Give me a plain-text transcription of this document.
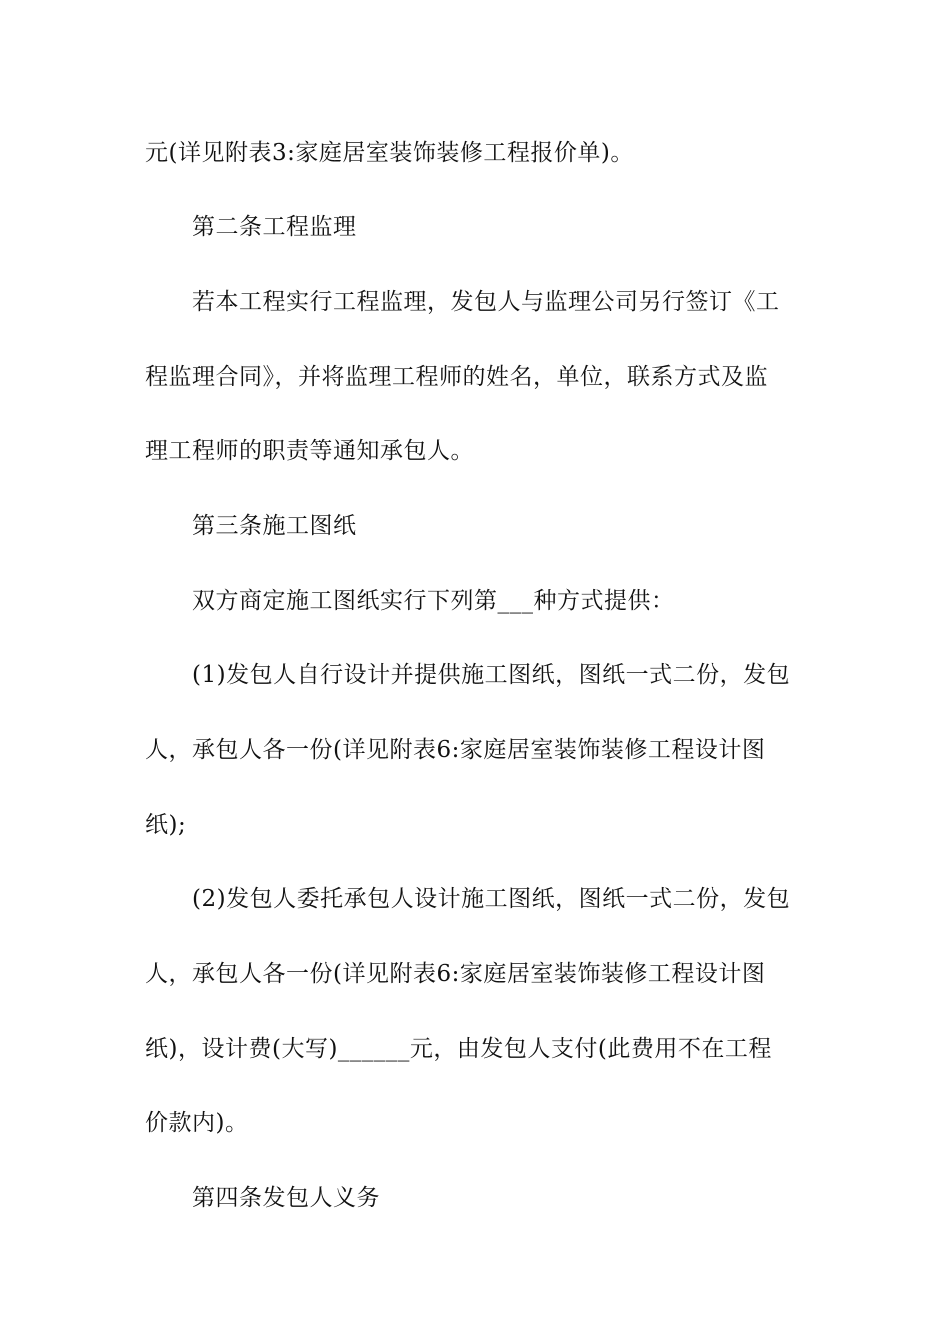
元(详见附表3:家庭居室装饰装修工程报价单)。
第二条工程监理
若本工程实行工程监理，发包人与监理公司另行签订《工
程监理合同》，并将监理工程师的姓名，单位，联系方式及监
理工程师的职责等通知承包人。
第三条施工图纸
双方商定施工图纸实行下列第___种方式提供：
(1)发包人自行设计并提供施工图纸，图纸一式二份，发包
人，承包人各一份(详见附表6:家庭居室装饰装修工程设计图
纸);
(2)发包人委托承包人设计施工图纸，图纸一式二份，发包
人，承包人各一份(详见附表6:家庭居室装饰装修工程设计图
纸)，设计费(大写)______元，由发包人支付(此费用不在工程
价款内)。
第四条发包人义务
